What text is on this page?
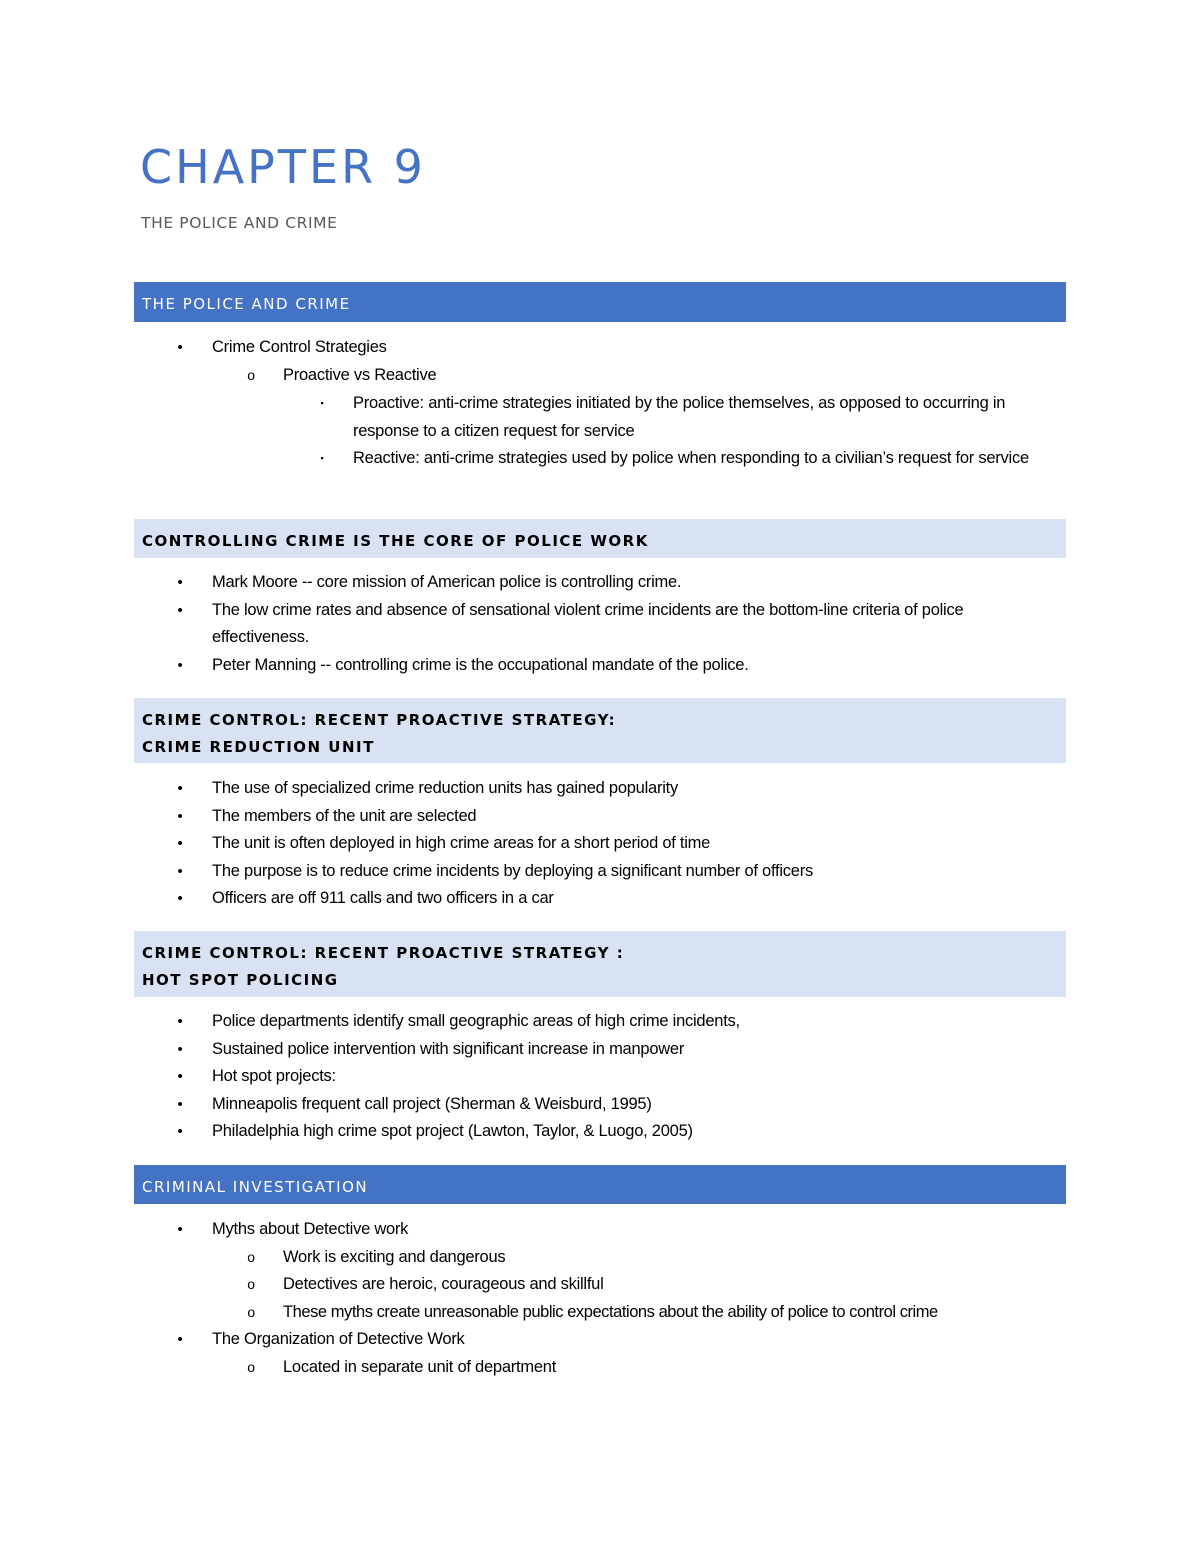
CHAPTER 9
THE POLICE AND CRIME
THE POLICE AND CRIME
•	Crime Control Strategies
o	Proactive vs Reactive
▪	Proactive: anti-crime strategies initiated by the police themselves, as opposed to occurring in response to a citizen request for service
▪	Reactive: anti-crime strategies used by police when responding to a civilian’s request for service
CONTROLLING CRIME IS THE CORE OF POLICE WORK
•	Mark Moore -- core mission of American police is controlling crime.
•	The low crime rates and absence of sensational violent crime incidents are the bottom-line criteria of police effectiveness.
•	Peter Manning -- controlling crime is the occupational mandate of the police.
CRIME CONTROL: RECENT PROACTIVE STRATEGY:
CRIME REDUCTION UNIT
•	The use of specialized crime reduction units has gained popularity
•	The members of the unit are selected
•	The unit is often deployed in high crime areas for a short period of time
•	The purpose is to reduce crime incidents by deploying a significant number of officers
•	Officers are off 911 calls and two officers in a car
CRIME CONTROL: RECENT PROACTIVE STRATEGY :
HOT SPOT POLICING
•	Police departments identify small geographic areas of high crime incidents,
•	Sustained police intervention with significant increase in manpower
•	Hot spot projects:
•	Minneapolis frequent call project (Sherman & Weisburd, 1995)
•	Philadelphia high crime spot project (Lawton, Taylor, & Luogo, 2005)
CRIMINAL INVESTIGATION
•	Myths about Detective work
o	Work is exciting and dangerous
o	Detectives are heroic, courageous and skillful
o	These myths create unreasonable public expectations about the ability of police to control crime
•	The Organization of Detective Work
o	Located in separate unit of department
